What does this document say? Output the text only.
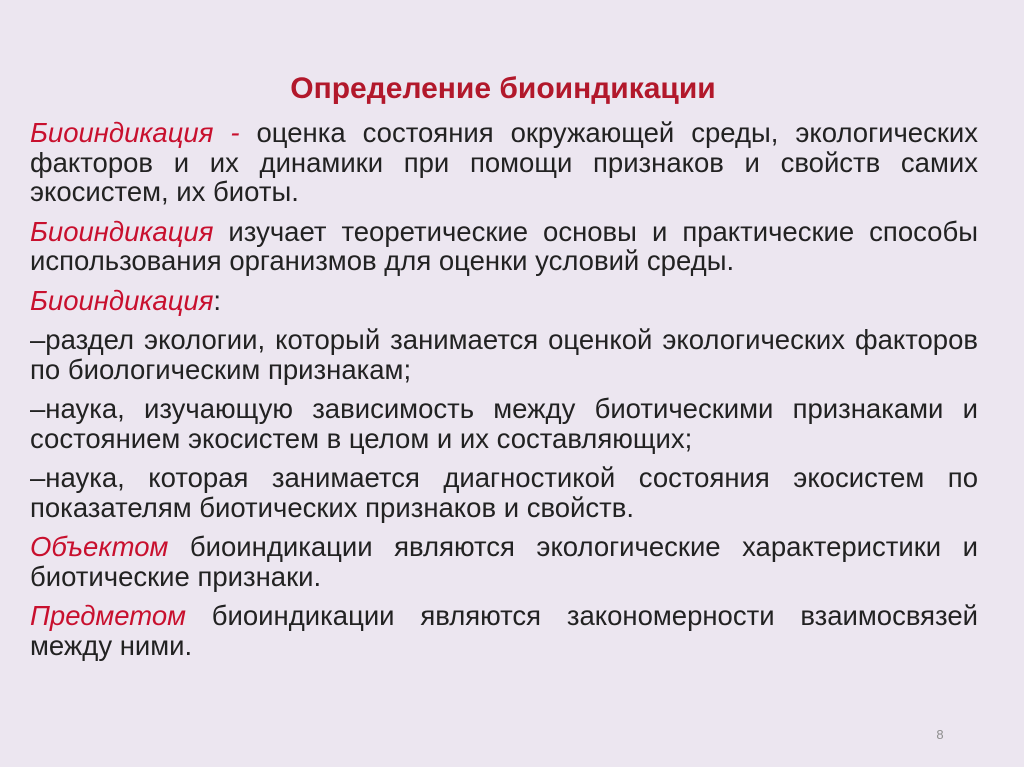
Определение биоиндикации

Биоиндикация - оценка состояния окружающей среды, экологических факторов и их динамики при помощи признаков и свойств самих экосистем, их биоты.

Биоиндикация изучает теоретические основы и практические способы использования организмов для оценки условий среды.

Биоиндикация:

–раздел экологии, который занимается оценкой экологических факторов по биологическим признакам;

–наука, изучающую зависимость между биотическими признаками и состоянием экосистем в целом и их составляющих;

–наука, которая занимается диагностикой состояния экосистем по показателям биотических признаков и свойств.

Объектом биоиндикации являются экологические характеристики и биотические признаки.

Предметом биоиндикации являются закономерности взаимосвязей между ними.

8
